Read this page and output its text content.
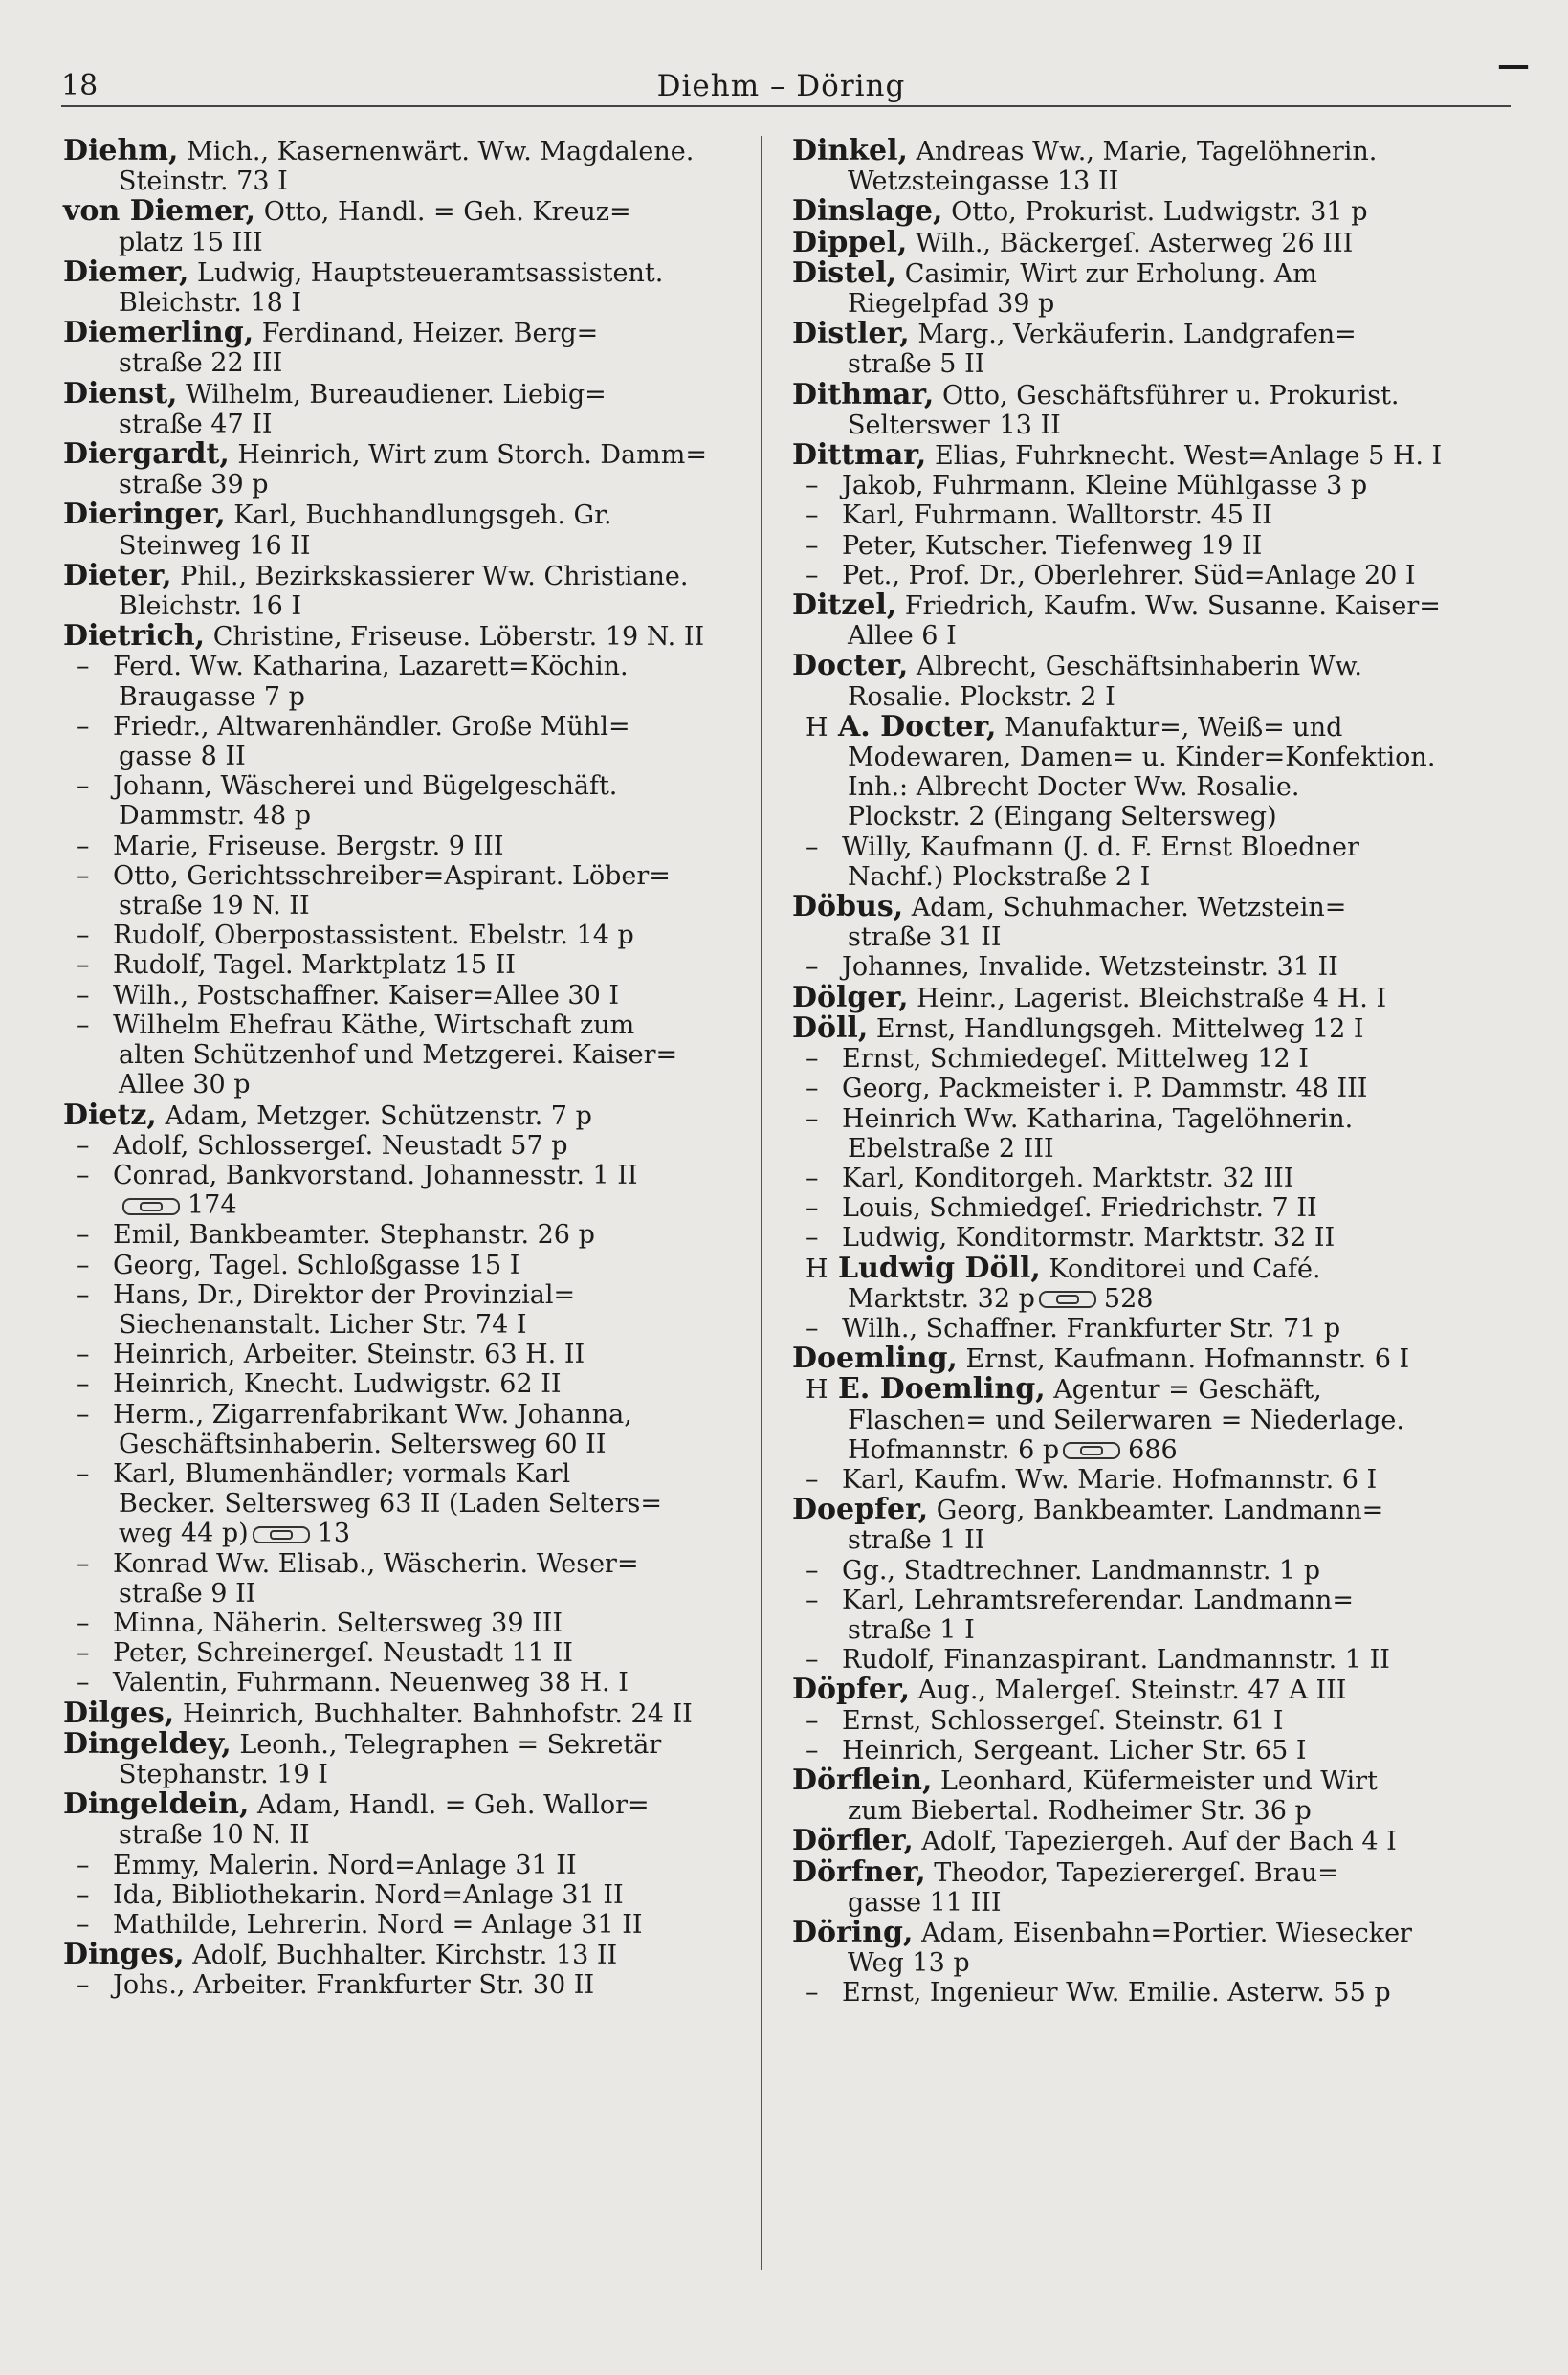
18	Diehm – Döring
—
Diehm, Mich., Kasernenwärt. Ww. Magdalene.
Steinstr. 73 I
von Diemer, Otto, Handl. = Geh. Kreuz=
platz 15 III
Diemer, Ludwig, Hauptsteueramtsassistent.
Bleichstr. 18 I
Diemerling, Ferdinand, Heizer. Berg=
straße 22 III
Dienst, Wilhelm, Bureaudiener. Liebig=
straße 47 II
Diergardt, Heinrich, Wirt zum Storch. Damm=
straße 39 p
Dieringer, Karl, Buchhandlungsgeh. Gr.
Steinweg 16 II
Dieter, Phil., Bezirkskassierer Ww. Christiane.
Bleichstr. 16 I
Dietrich, Christine, Friseuse. Löberstr. 19 N. II
– Ferd. Ww. Katharina, Lazarett=Köchin.
Braugasse 7 p
– Friedr., Altwarenhändler. Große Mühl=
gasse 8 II
– Johann, Wäscherei und Bügelgeschäft.
Dammstr. 48 p
– Marie, Friseuse. Bergstr. 9 III
– Otto, Gerichtsschreiber=Aspirant. Löber=
straße 19 N. II
– Rudolf, Oberpostassistent. Ebelstr. 14 p
– Rudolf, Tagel. Marktplatz 15 II
– Wilh., Postschaffner. Kaiser=Allee 30 I
– Wilhelm Ehefrau Käthe, Wirtschaft zum
alten Schützenhof und Metzgerei. Kaiser=
Allee 30 p
Dietz, Adam, Metzger. Schützenstr. 7 p
– Adolf, Schlossergeſ. Neustadt 57 p
– Conrad, Bankvorstand. Johannesstr. 1 II
174
– Emil, Bankbeamter. Stephanstr. 26 p
– Georg, Tagel. Schloßgasse 15 I
– Hans, Dr., Direktor der Provinzial=
Siechenanstalt. Licher Str. 74 I
– Heinrich, Arbeiter. Steinstr. 63 H. II
– Heinrich, Knecht. Ludwigstr. 62 II
– Herm., Zigarrenfabrikant Ww. Johanna,
Geschäftsinhaberin. Seltersweg 60 II
– Karl, Blumenhändler; vormals Karl
Becker. Seltersweg 63 II (Laden Selters=
weg 44 p)	13
– Konrad Ww. Elisab., Wäscherin. Weser=
straße 9 II
– Minna, Näherin. Seltersweg 39 III
– Peter, Schreinergeſ. Neustadt 11 II
– Valentin, Fuhrmann. Neuenweg 38 H. I
Dilges, Heinrich, Buchhalter. Bahnhofstr. 24 II
Dingeldey, Leonh., Telegraphen = Sekretär
Stephanstr. 19 I
Dingeldein, Adam, Handl. = Geh. Wallor=
straße 10 N. II
– Emmy, Malerin. Nord=Anlage 31 II
– Ida, Bibliothekarin. Nord=Anlage 31 II
– Mathilde, Lehrerin. Nord = Anlage 31 II
Dinges, Adolf, Buchhalter. Kirchstr. 13 II
– Johs., Arbeiter. Frankfurter Str. 30 II
Dinkel, Andreas Ww., Marie, Tagelöhnerin.
Wetzsteingasse 13 II
Dinslage, Otto, Prokurist. Ludwigstr. 31 p
Dippel, Wilh., Bäckergeſ. Asterweg 26 III
Distel, Casimir, Wirt zur Erholung. Am
Riegelpfad 39 p
Distler, Marg., Verkäuferin. Landgrafen=
straße 5 II
Dithmar, Otto, Geschäftsführer u. Prokurist.
Selterswег 13 II
Dittmar, Elias, Fuhrknecht. West=Anlage 5 H. I
– Jakob, Fuhrmann. Kleine Mühlgasse 3 p
– Karl, Fuhrmann. Walltorstr. 45 II
– Peter, Kutscher. Tiefenweg 19 II
– Pet., Prof. Dr., Oberlehrer. Süd=Anlage 20 I
Ditzel, Friedrich, Kaufm. Ww. Susanne. Kaiser=
Allee 6 I
Docter, Albrecht, Geschäftsinhaberin Ww.
Rosalie. Plockstr. 2 I
H A. Docter, Manufaktur=, Weiß= und
Modewaren, Damen= u. Kinder=Konfektion.
Inh.: Albrecht Docter Ww. Rosalie.
Plockstr. 2 (Eingang Seltersweg)
– Willy, Kaufmann (J. d. F. Ernst Bloedner
Nachf.) Plockstraße 2 I
Döbus, Adam, Schuhmacher. Wetzstein=
straße 31 II
– Johannes, Invalide. Wetzsteinstr. 31 II
Dölger, Heinr., Lagerist. Bleichstraße 4 H. I
Döll, Ernst, Handlungsgeh. Mittelweg 12 I
– Ernst, Schmiedegeſ. Mittelweg 12 I
– Georg, Packmeister i. P. Dammstr. 48 III
– Heinrich Ww. Katharina, Tagelöhnerin.
Ebelstraße 2 III
– Karl, Konditorgeh. Marktstr. 32 III
– Louis, Schmiedgeſ. Friedrichstr. 7 II
– Ludwig, Konditormstr. Marktstr. 32 II
H Ludwig Döll, Konditorei und Café.
Marktstr. 32 p	528
– Wilh., Schaffner. Frankfurter Str. 71 p
Doemling, Ernst, Kaufmann. Hofmannstr. 6 I
H E. Doemling, Agentur = Geschäft,
Flaschen= und Seilerwaren = Niederlage.
Hofmannstr. 6 p	686
– Karl, Kaufm. Ww. Marie. Hofmannstr. 6 I
Doepfer, Georg, Bankbeamter. Landmann=
straße 1 II
– Gg., Stadtrechner. Landmannstr. 1 p
– Karl, Lehramtsreferendar. Landmann=
straße 1 I
– Rudolf, Finanzaspirant. Landmannstr. 1 II
Döpfer, Aug., Malergeſ. Steinstr. 47 A III
– Ernst, Schlossergeſ. Steinstr. 61 I
– Heinrich, Sergeant. Licher Str. 65 I
Dörflein, Leonhard, Küfermeister und Wirt
zum Biebertal. Rodheimer Str. 36 p
Dörfler, Adolf, Tapeziergeh. Auf der Bach 4 I
Dörfner, Theodor, Tapezierergeſ. Brau=
gasse 11 III
Döring, Adam, Eisenbahn=Portier. Wiesecker
Weg 13 p
– Ernst, Ingenieur Ww. Emilie. Asterw. 55 p
